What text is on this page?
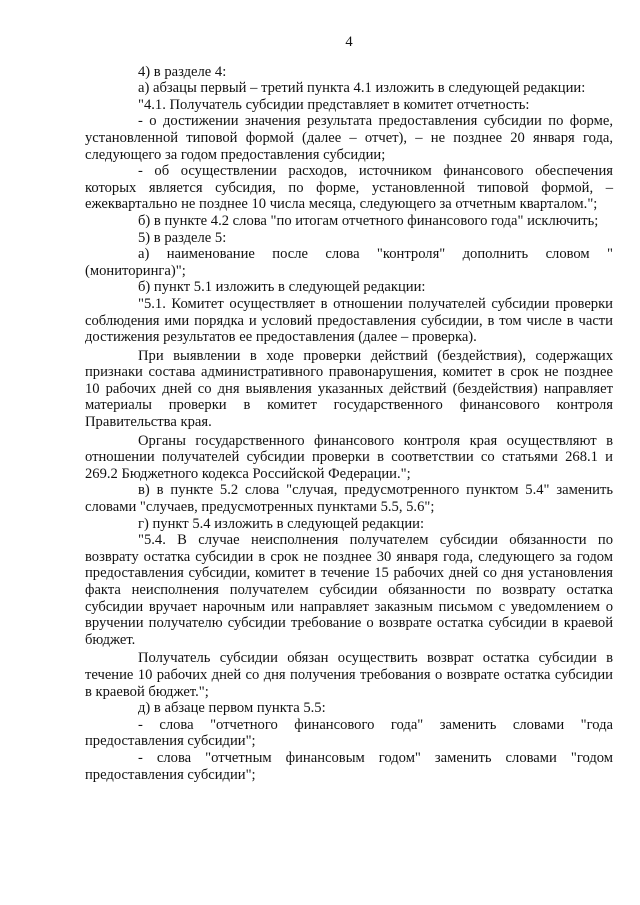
4

4) в разделе 4:

а) абзацы первый – третий пункта 4.1 изложить в следующей редакции:

"4.1. Получатель субсидии представляет в комитет отчетность:

- о достижении значения результата предоставления субсидии по форме, установленной типовой формой (далее – отчет), – не позднее 20 января года, следующего за годом предоставления субсидии;

- об осуществлении расходов, источником финансового обеспечения которых является субсидия, по форме, установленной типовой формой, – ежеквартально не позднее 10 числа месяца, следующего за отчетным кварталом.";

б) в пункте 4.2 слова "по итогам отчетного финансового года" исключить;

5) в разделе 5:

а) наименование после слова "контроля" дополнить словом "(мониторинга)";

б) пункт 5.1 изложить в следующей редакции:

"5.1. Комитет осуществляет в отношении получателей субсидии проверки соблюдения ими порядка и условий предоставления субсидии, в том числе в части достижения результатов ее предоставления (далее – проверка).

При выявлении в ходе проверки действий (бездействия), содержащих признаки состава административного правонарушения, комитет в срок не позднее 10 рабочих дней со дня выявления указанных действий (бездействия) направляет материалы проверки в комитет государственного финансового контроля Правительства края.

Органы государственного финансового контроля края осуществляют в отношении получателей субсидии проверки в соответствии со статьями 268.1 и 269.2 Бюджетного кодекса Российской Федерации.";

в) в пункте 5.2 слова "случая, предусмотренного пунктом 5.4" заменить словами "случаев, предусмотренных пунктами 5.5, 5.6";

г) пункт 5.4 изложить в следующей редакции:

"5.4. В случае неисполнения получателем субсидии обязанности по возврату остатка субсидии в срок не позднее 30 января года, следующего за годом предоставления субсидии, комитет в течение 15 рабочих дней со дня установления факта неисполнения получателем субсидии обязанности по возврату остатка субсидии вручает нарочным или направляет заказным письмом с уведомлением о вручении получателю субсидии требование о возврате остатка субсидии в краевой бюджет.

Получатель субсидии обязан осуществить возврат остатка субсидии в течение 10 рабочих дней со дня получения требования о возврате остатка субсидии в краевой бюджет.";

д) в абзаце первом пункта 5.5:

- слова "отчетного финансового года" заменить словами "года предоставления субсидии";

- слова "отчетным финансовым годом" заменить словами "годом предоставления субсидии";
